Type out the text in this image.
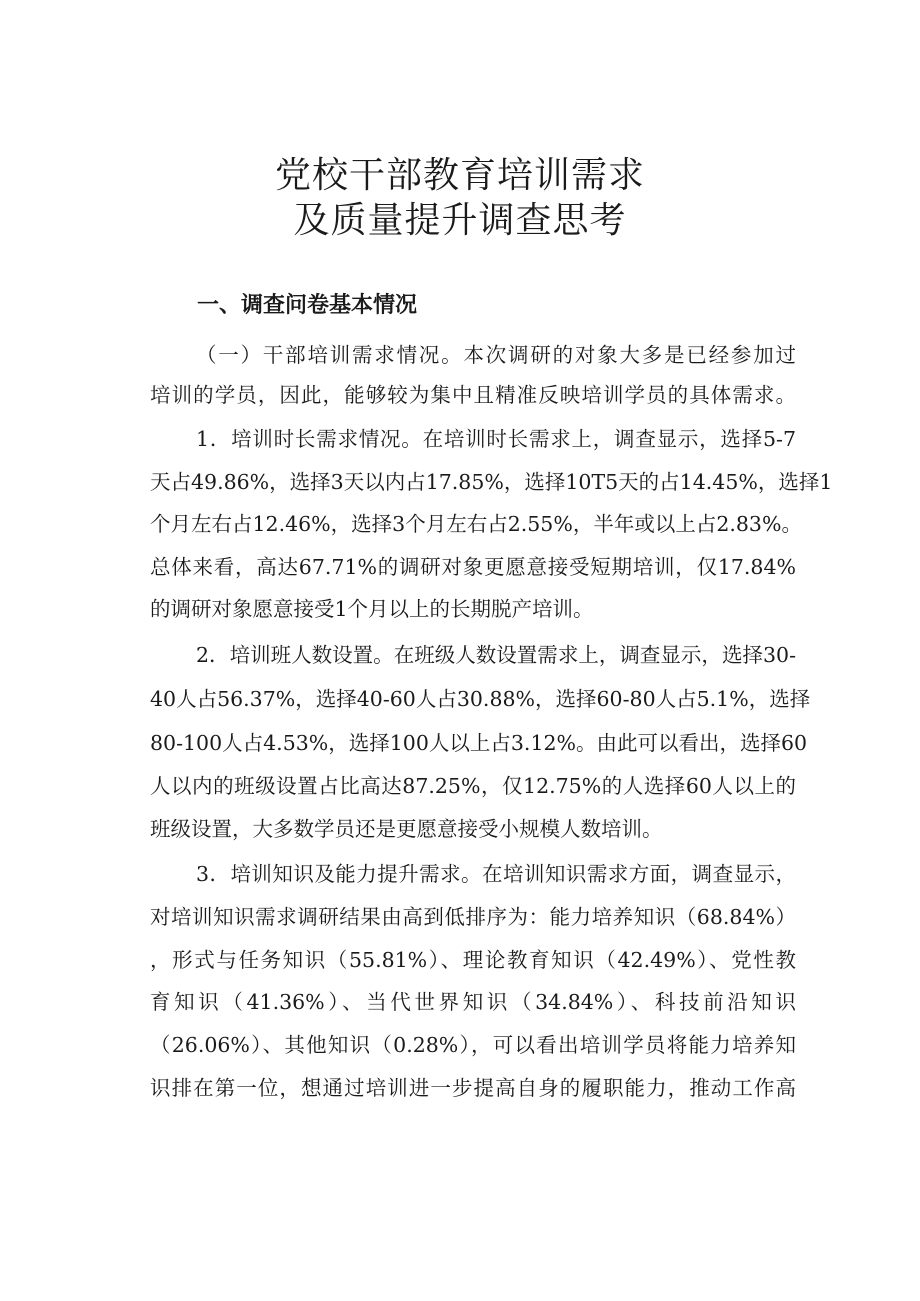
党校干部教育培训需求
及质量提升调查思考
一、调查问卷基本情况

（一）干部培训需求情况。本次调研的对象大多是已经参加过

培训的学员，因此，能够较为集中且精准反映培训学员的具体需求。

1．培训时长需求情况。在培训时长需求上，调查显示，选择5-7

天占49.86%，选择3天以内占17.85%，选择10T5天的占14.45%，选择1

个月左右占12.46%，选择3个月左右占2.55%，半年或以上占2.83%。

总体来看，高达67.71%的调研对象更愿意接受短期培训，仅17.84%

的调研对象愿意接受1个月以上的长期脱产培训。

2．培训班人数设置。在班级人数设置需求上，调查显示，选择30-

40人占56.37%，选择40-60人占30.88%，选择60-80人占5.1%，选择

80-100人占4.53%，选择100人以上占3.12%。由此可以看出，选择60

人以内的班级设置占比高达87.25%，仅12.75%的人选择60人以上的

班级设置，大多数学员还是更愿意接受小规模人数培训。

3．培训知识及能力提升需求。在培训知识需求方面，调查显示，

对培训知识需求调研结果由高到低排序为：能力培养知识（68.84%）

，形式与任务知识（55.81%）、理论教育知识（42.49%）、党性教

育知识（41.36%）、当代世界知识（34.84%）、科技前沿知识

（26.06%）、其他知识（0.28%），可以看出培训学员将能力培养知

识排在第一位，想通过培训进一步提高自身的履职能力，推动工作高
